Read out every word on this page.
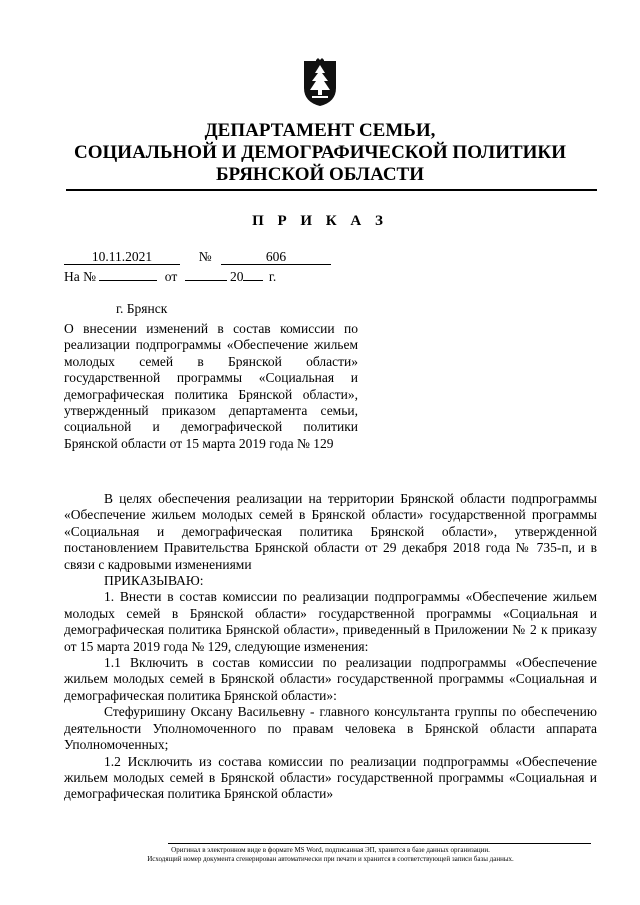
ДЕПАРТАМЕНТ СЕМЬИ,
СОЦИАЛЬНОЙ И ДЕМОГРАФИЧЕСКОЙ ПОЛИТИКИ
БРЯНСКОЙ ОБЛАСТИ
П Р И К А З
10.11.2021	№	606
На №	от	20 г.
г. Брянск
О внесении изменений в состав комиссии по реализации подпрограммы «Обеспечение жильем молодых семей в Брянской области» государственной программы «Социальная и демографическая политика Брянской области», утвержденный приказом департамента семьи, социальной и демографической политики Брянской области от 15 марта 2019 года № 129

В целях обеспечения реализации на территории Брянской области подпрограммы «Обеспечение жильем молодых семей в Брянской области» государственной программы «Социальная и демографическая политика Брянской области», утвержденной постановлением Правительства Брянской области от 29 декабря 2018 года № 735-п, и в связи с кадровыми изменениями

ПРИКАЗЫВАЮ:

1. Внести в состав комиссии по реализации подпрограммы «Обеспечение жильем молодых семей в Брянской области» государственной программы «Социальная и демографическая политика Брянской области», приведенный в Приложении № 2 к приказу от 15 марта 2019 года № 129, следующие изменения:

1.1 Включить в состав комиссии по реализации подпрограммы «Обеспечение жильем молодых семей в Брянской области» государственной программы «Социальная и демографическая политика Брянской области»:

Стефуришину Оксану Васильевну - главного консультанта группы по обеспечению деятельности Уполномоченного по правам человека в Брянской области аппарата Уполномоченных;

1.2 Исключить из состава комиссии по реализации подпрограммы «Обеспечение жильем молодых семей в Брянской области» государственной программы «Социальная и демографическая политика Брянской области»

Оригинал в электронном виде в формате MS Word, подписанная ЭП, хранится в базе данных организации.
Исходящий номер документа сгенерирован автоматически при печати и хранится в соответствующей записи базы данных.
